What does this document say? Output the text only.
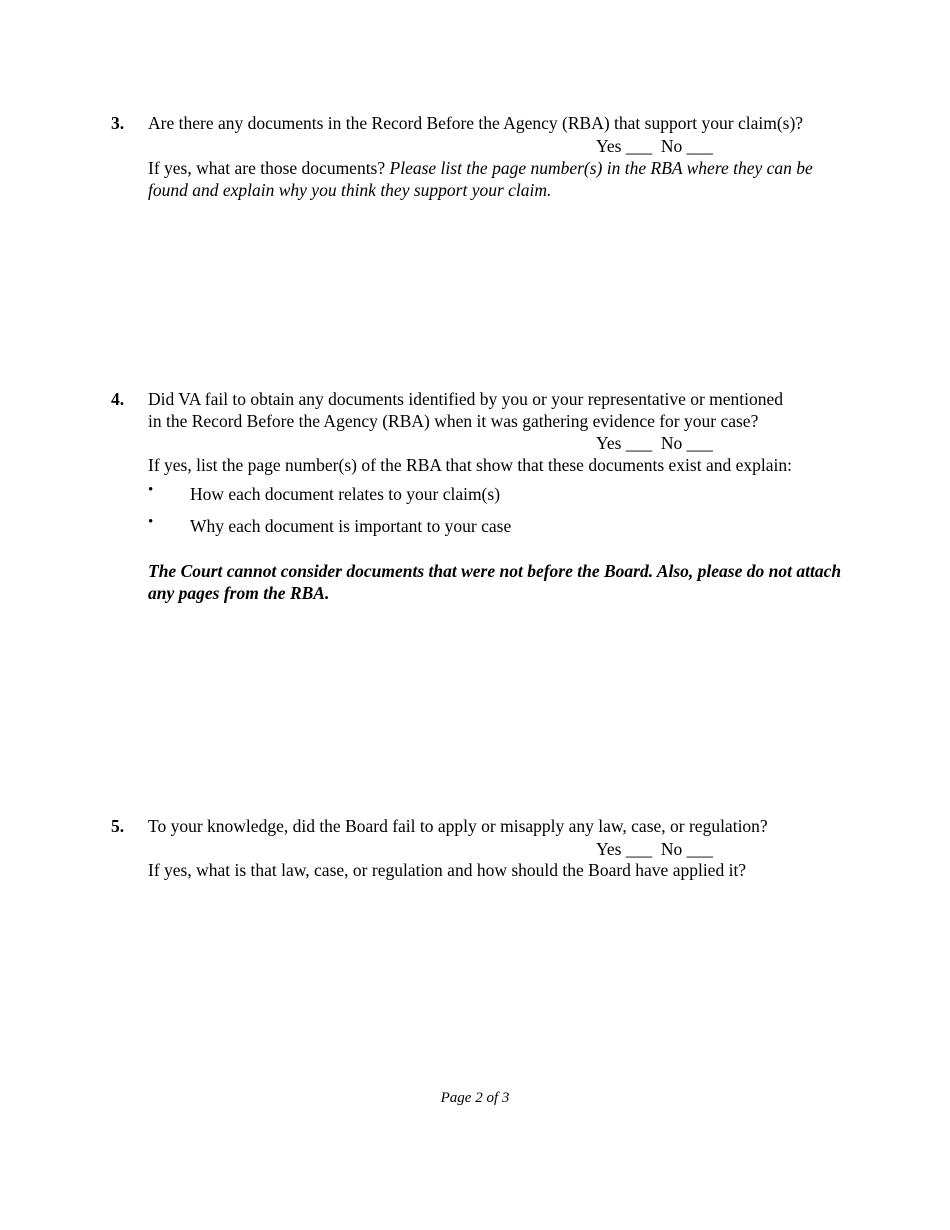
3. Are there any documents in the Record Before the Agency (RBA) that support your claim(s)?
Yes ___  No ___
If yes, what are those documents? Please list the page number(s) in the RBA where they can be found and explain why you think they support your claim.
4. Did VA fail to obtain any documents identified by you or your representative or mentioned
in the Record Before the Agency (RBA) when it was gathering evidence for your case?
Yes ___  No ___
If yes, list the page number(s) of the RBA that show that these documents exist and explain:
• How each document relates to your claim(s)
• Why each document is important to your case
The Court cannot consider documents that were not before the Board. Also, please do not attach any pages from the RBA.
5. To your knowledge, did the Board fail to apply or misapply any law, case, or regulation?
Yes ___  No ___
If yes, what is that law, case, or regulation and how should the Board have applied it?
Page 2 of 3
